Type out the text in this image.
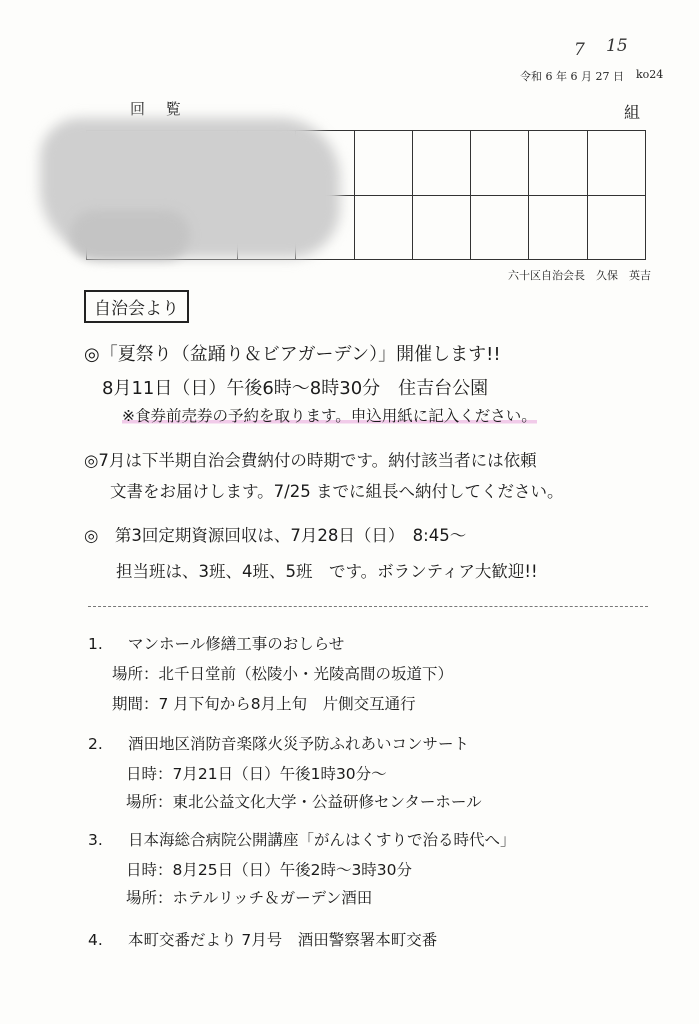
7 15
令和 6 年 6 月 27 日 ko24
回 覧	組

六十区自治会長　久保　英吉
自治会より
◎「夏祭り（盆踊り＆ビアガーデン）」開催します!!
8月11日（日）午後6時～8時30分　住吉台公園
※食券前売券の予約を取ります。申込用紙に記入ください。
◎7月は下半期自治会費納付の時期です。納付該当者には依頼
文書をお届けします。7/25 までに組長へ納付してください。
◎　第3回定期資源回収は、7月28日（日）　8:45～
担当班は、3班、4班、5班　です。ボランティア大歓迎!!
1. マンホール修繕工事のおしらせ
場所：北千日堂前（松陵小・光陵高間の坂道下）
期間：7 月下旬から8月上旬　片側交互通行
2. 酒田地区消防音楽隊火災予防ふれあいコンサート
日時：7月21日（日）午後1時30分～
場所：東北公益文化大学・公益研修センターホール
3. 日本海総合病院公開講座「がんはくすりで治る時代へ」
日時：8月25日（日）午後2時～3時30分
場所：ホテルリッチ＆ガーデン酒田
4. 本町交番だより 7月号　酒田警察署本町交番
